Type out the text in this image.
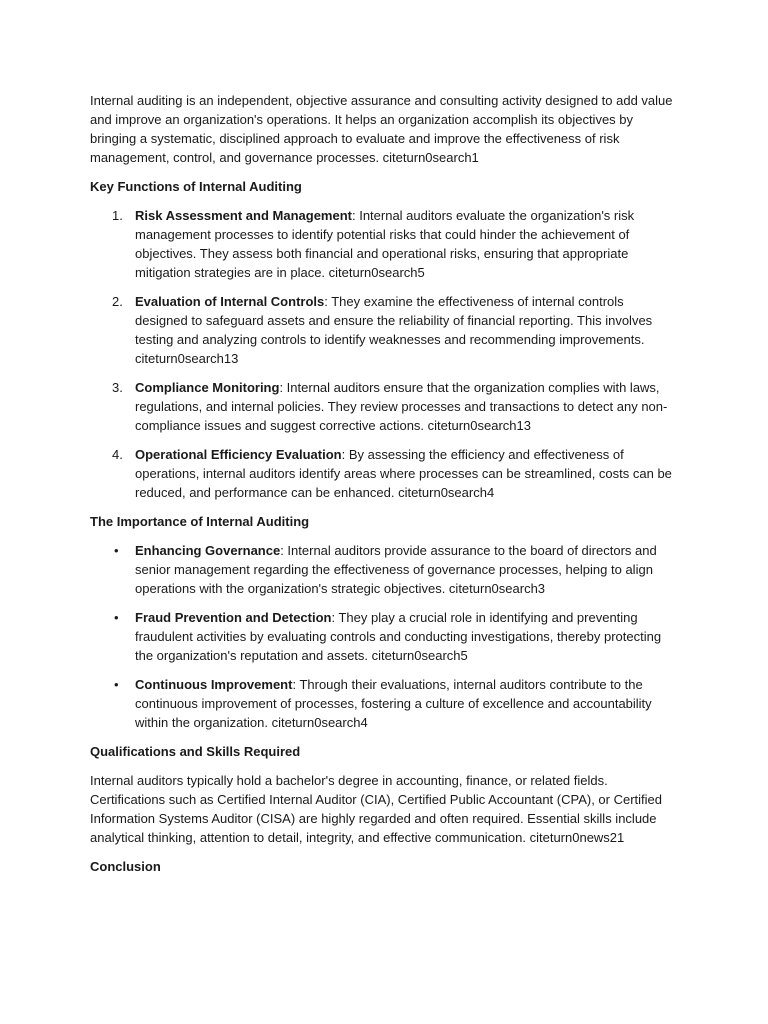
Internal auditing is an independent, objective assurance and consulting activity designed to add value and improve an organization's operations. It helps an organization accomplish its objectives by bringing a systematic, disciplined approach to evaluate and improve the effectiveness of risk management, control, and governance processes. citeturn0search1

Key Functions of Internal Auditing

1. Risk Assessment and Management: Internal auditors evaluate the organization's risk management processes to identify potential risks that could hinder the achievement of objectives. They assess both financial and operational risks, ensuring that appropriate mitigation strategies are in place. citeturn0search5
2. Evaluation of Internal Controls: They examine the effectiveness of internal controls designed to safeguard assets and ensure the reliability of financial reporting. This involves testing and analyzing controls to identify weaknesses and recommending improvements. citeturn0search13
3. Compliance Monitoring: Internal auditors ensure that the organization complies with laws, regulations, and internal policies. They review processes and transactions to detect any non-compliance issues and suggest corrective actions. citeturn0search13
4. Operational Efficiency Evaluation: By assessing the efficiency and effectiveness of operations, internal auditors identify areas where processes can be streamlined, costs can be reduced, and performance can be enhanced. citeturn0search4

The Importance of Internal Auditing

•	Enhancing Governance: Internal auditors provide assurance to the board of directors and senior management regarding the effectiveness of governance processes, helping to align operations with the organization's strategic objectives. citeturn0search3
•	Fraud Prevention and Detection: They play a crucial role in identifying and preventing fraudulent activities by evaluating controls and conducting investigations, thereby protecting the organization's reputation and assets. citeturn0search5
•	Continuous Improvement: Through their evaluations, internal auditors contribute to the continuous improvement of processes, fostering a culture of excellence and accountability within the organization. citeturn0search4

Qualifications and Skills Required

Internal auditors typically hold a bachelor's degree in accounting, finance, or related fields. Certifications such as Certified Internal Auditor (CIA), Certified Public Accountant (CPA), or Certified Information Systems Auditor (CISA) are highly regarded and often required. Essential skills include analytical thinking, attention to detail, integrity, and effective communication. citeturn0news21

Conclusion
